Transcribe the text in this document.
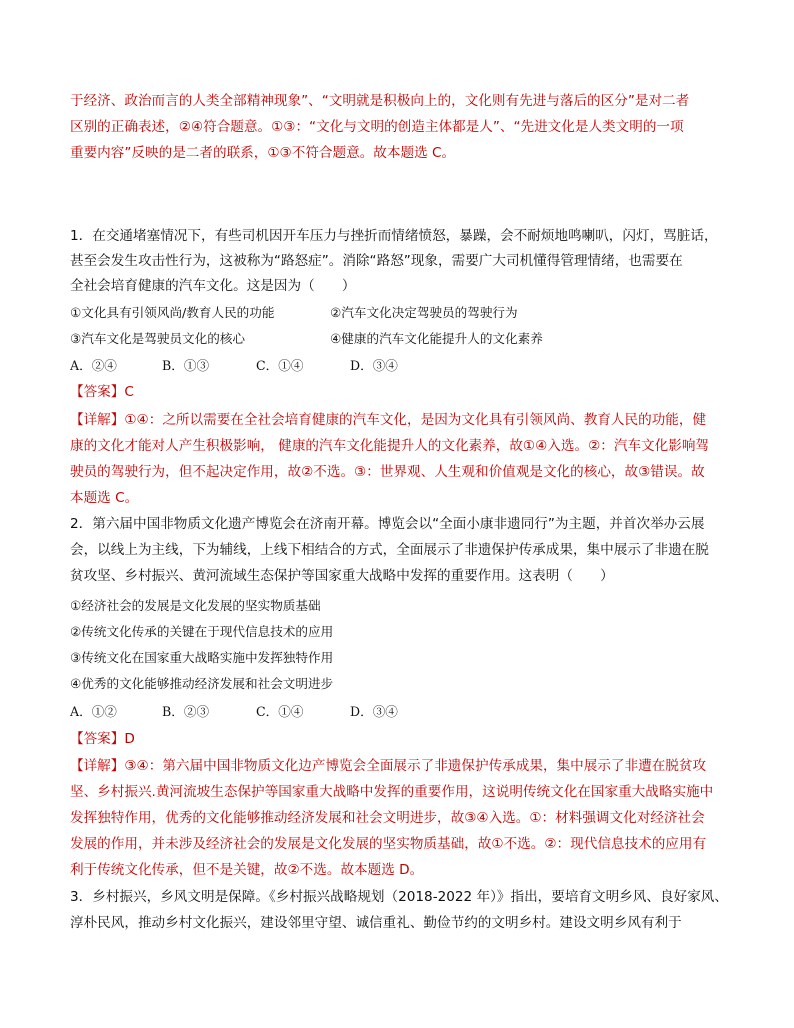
于经济、政治而言的人类全部精神现象”、“文明就是积极向上的，文化则有先进与落后的区分”是对二者
区别的正确表述，②④符合题意。①③：“文化与文明的创造主体都是人”、“先进文化是人类文明的一项
重要内容”反映的是二者的联系，①③不符合题意。故本题选 C。
1．在交通堵塞情况下，有些司机因开车压力与挫折而情绪愤怒，暴躁，会不耐烦地鸣喇叭，闪灯，骂脏话，
甚至会发生攻击性行为，这被称为“路怒症”。消除“路怒”现象，需要广大司机懂得管理情绪，也需要在
全社会培育健康的汽车文化。这是因为（　　）
①文化具有引领风尚/教育人民的功能	②汽车文化决定驾驶员的驾驶行为
③汽车文化是驾驶员文化的核心	④健康的汽车文化能提升人的文化素养
A．②④	B．①③	C．①④	D．③④
【答案】C
【详解】①④：之所以需要在全社会培育健康的汽车文化，是因为文化具有引领风尚、教育人民的功能，健
康的文化才能对人产生积极影响， 健康的汽车文化能提升人的文化素养，故①④入选。②：汽车文化影响驾
驶员的驾驶行为，但不起决定作用，故②不选。③：世界观、人生观和价值观是文化的核心，故③错误。故
本题选 C。
2．第六届中国非物质文化遗产博览会在济南开幕。博览会以“全面小康非遗同行”为主题，并首次举办云展
会，以线上为主线，下为辅线，上线下相结合的方式，全面展示了非遗保护传承成果，集中展示了非遗在脱
贫攻坚、乡村振兴、黄河流域生态保护等国家重大战略中发挥的重要作用。这表明（　　）
①经济社会的发展是文化发展的坚实物质基础
②传统文化传承的关键在于现代信息技术的应用
③传统文化在国家重大战略实施中发挥独特作用
④优秀的文化能够推动经济发展和社会文明进步
A．①②	B．②③	C．①④	D．③④
【答案】D
【详解】③④：第六届中国非物质文化边产博览会全面展示了非遗保护传承成果，集中展示了非遭在脱贫攻
坚、乡村振兴.黄河流坡生态保护等国家重大战略中发挥的重要作用，这说明传统文化在国家重大战略实施中
发挥独特作用，优秀的文化能够推动经济发展和社会文明进步，故③④入选。①：材料强调文化对经济社会
发展的作用，并未涉及经济社会的发展是文化发展的坚实物质基础，故①不选。②：现代信息技术的应用有
利于传统文化传承，但不是关键，故②不选。故本题选 D。
3．乡村振兴，乡风文明是保障。《乡村振兴战略规划（2018-2022 年）》指出，要培育文明乡风、良好家风、
淳朴民风，推动乡村文化振兴，建设邻里守望、诚信重礼、勤俭节约的文明乡村。建设文明乡风有利于
